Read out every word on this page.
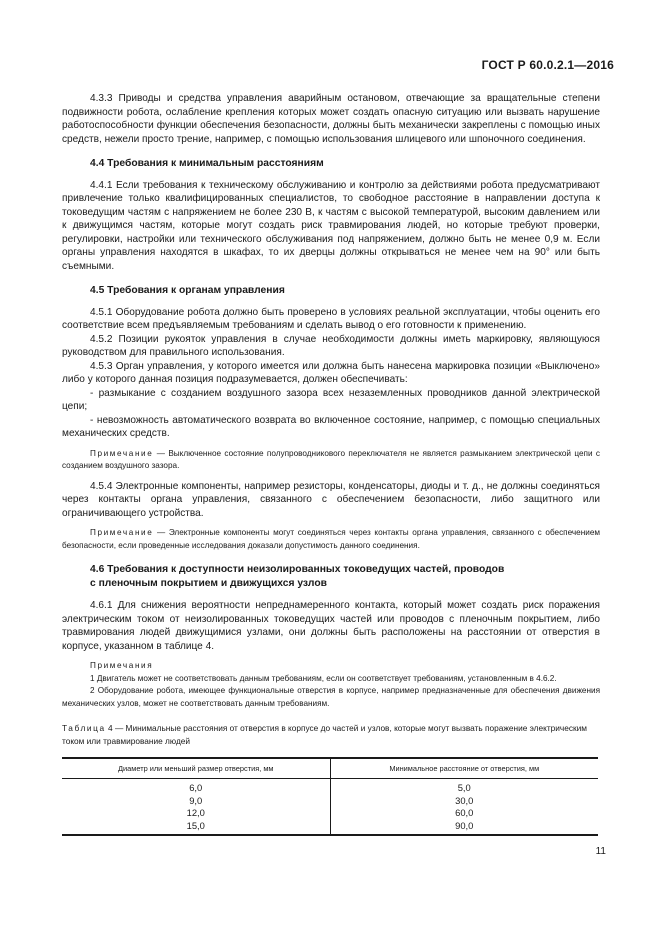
ГОСТ Р 60.0.2.1—2016

4.3.3 Приводы и средства управления аварийным остановом, отвечающие за вращательные степени подвижности робота, ослабление крепления которых может создать опасную ситуацию или вызвать нарушение работоспособности функции обеспечения безопасности, должны быть механически закреплены с помощью иных средств, нежели просто трение, например, с помощью использования шлицевого или шпоночного соединения.

4.4 Требования к минимальным расстояниям

4.4.1 Если требования к техническому обслуживанию и контролю за действиями робота предусматривают привлечение только квалифицированных специалистов, то свободное расстояние в направлении доступа к токоведущим частям с напряжением не более 230 В, к частям с высокой температурой, высоким давлением или к движущимся частям, которые могут создать риск травмирования людей, но которые требуют проверки, регулировки, настройки или технического обслуживания под напряжением, должно быть не менее 0,9 м. Если органы управления находятся в шкафах, то их дверцы должны открываться не менее чем на 90° или быть съемными.

4.5 Требования к органам управления

4.5.1 Оборудование робота должно быть проверено в условиях реальной эксплуатации, чтобы оценить его соответствие всем предъявляемым требованиям и сделать вывод о его готовности к применению.

4.5.2 Позиции рукояток управления в случае необходимости должны иметь маркировку, являющуюся руководством для правильного использования.

4.5.3 Орган управления, у которого имеется или должна быть нанесена маркировка позиции «Выключено» либо у которого данная позиция подразумевается, должен обеспечивать:

- размыкание с созданием воздушного зазора всех незаземленных проводников данной электрической цепи;

- невозможность автоматического возврата во включенное состояние, например, с помощью специальных механических средств.

Примечание — Выключенное состояние полупроводникового переключателя не является размыканием электрической цепи с созданием воздушного зазора.

4.5.4 Электронные компоненты, например резисторы, конденсаторы, диоды и т. д., не должны соединяться через контакты органа управления, связанного с обеспечением безопасности, либо защитного или ограничивающего устройства.

Примечание — Электронные компоненты могут соединяться через контакты органа управления, связанного с обеспечением безопасности, если проведенные исследования доказали допустимость данного соединения.

4.6 Требования к доступности неизолированных токоведущих частей, проводов
с пленочным покрытием и движущихся узлов

4.6.1 Для снижения вероятности непреднамеренного контакта, который может создать риск поражения электрическим током от неизолированных токоведущих частей или проводов с пленочным покрытием, либо травмирования людей движущимися узлами, они должны быть расположены на расстоянии от отверстия в корпусе, указанном в таблице 4.

Примечания

1 Двигатель может не соответствовать данным требованиям, если он соответствует требованиям, установленным в 4.6.2.

2 Оборудование робота, имеющее функциональные отверстия в корпусе, например предназначенные для обеспечения движения механических узлов, может не соответствовать данным требованиям.

Таблица 4 — Минимальные расстояния от отверстия в корпусе до частей и узлов, которые могут вызвать поражение электрическим током или травмирование людей

Диаметр или меньший размер отверстия, мм	Минимальное расстояние от отверстия, мм
6,0	5,0
9,0	30,0
12,0	60,0
15,0	90,0
11
